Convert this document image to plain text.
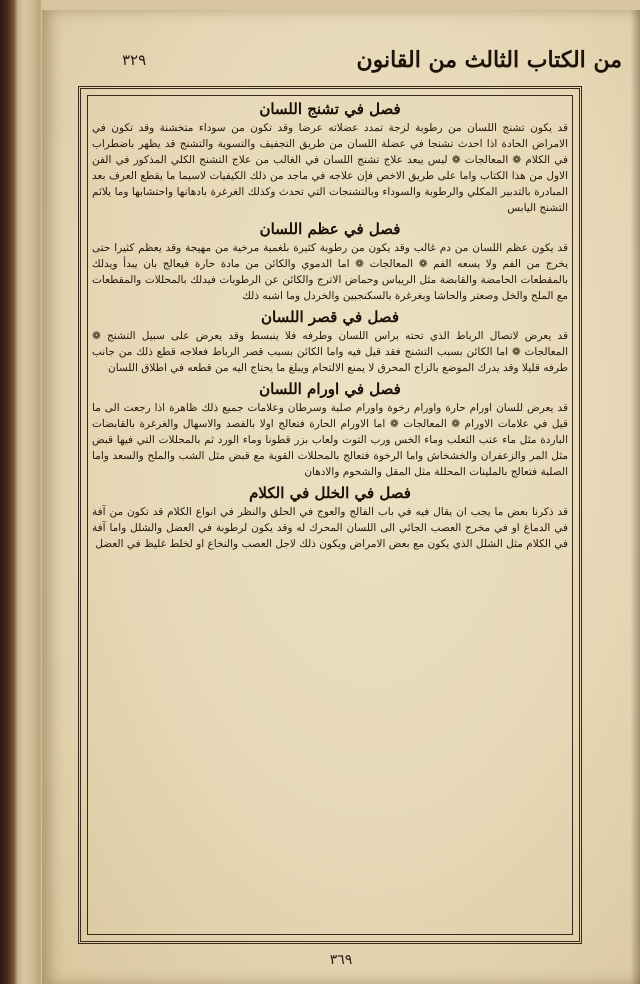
٣٢٩	من الكتاب الثالث من القانون
فصل في تشنج اللسان

قد يكون تشنج اللسان من رطوبة لزجة تمدد عضلاته عرضا وقد تكون من سوداء متخشنة وقد تكون في الامراض الحادة اذا احدث تشنجا في عضلة اللسان من طريق التجفيف والتسوية والتشنج قد يظهر باضطراب في الكلام ❁ المعالجات ❁ ليس يبعد علاج تشنج اللسان في الغالب من علاج التشنج الكلي المذكور في الفن الاول من هذا الكتاب واما على طريق الاخص فإن علاجه في ماجد من ذلك الكيفيات لاسيما ما يقطع العرف بعد المبادرة بالتدبير المكلي والرطوبة والسوداء وبالتشنجات التي تحدث وكذلك الغرغرة بادهانها واحتشابها وما يلائم التشنج اليابس

فصل في عظم اللسان

قد يكون عظم اللسان من دم غالب وقد يكون من رطوبة كثيرة بلغمية مرخية من مهيجة وقد يعظم كثيرا حتى يخرج من الفم ولا يسعه الفم ❁ المعالجات ❁ اما الدموي والكائن من مادة حارة فيعالج بان يبدأ ويدلك بالمقطعات الحامضة والقابضة مثل الريباس وحماض الاترج والكائن عن الرطوبات فيدلك بالمحللات والمقطعات مع الملح والخل وصعتر والحاشا وبغرغرة بالسكنجبين والخردل وما اشبه ذلك

فصل في قصر اللسان

قد يعرض لاتصال الرباط الذي تحته براس اللسان وطرفه فلا ينبسط وقد يعرض على سبيل التشنج ❁ المعالجات ❁ اما الكائن بسبب التشنج فقد قيل فيه واما الكائن بسبب قصر الرباط فعلاجه قطع ذلك من جانب طرفه قليلا وقد يدرك الموضع بالزاج المحرق لا يمنع الالتحام ويبلغ ما يحتاج اليه من قطعه في اطلاق اللسان

فصل في اورام اللسان

قد يعرض للسان اورام حارة واورام رخوة واورام صلبة وسرطان وعلامات جميع ذلك ظاهرة اذا رجعت الى ما قيل في علامات الاورام ❁ المعالجات ❁ اما الاورام الحارة فتعالج اولا بالفصد والاسهال والغرغرة بالقابضات الباردة مثل ماء عنب الثعلب وماء الخس ورب التوت ولعاب بزر قطونا وماء الورد ثم بالمحللات التي فيها قبض مثل المر والزعفران والخشخاش واما الرخوة فتعالج بالمحللات القوية مع قبض مثل الشب والملح والسعد واما الصلبة فتعالج بالملينات المحللة مثل المقل والشحوم والادهان

فصل في الخلل في الكلام

قد ذكرنا بعض ما يجب ان يقال فيه في باب الفالج والعوج في الحلق والنظر في انواع الكلام قد تكون من آفة في الدماغ او في مخرج العصب الجائي الى اللسان المحرك له وقد يكون لرطوبة في العضل والشلل واما آفة في الكلام مثل الشلل الذي يكون مع بعض الامراض ويكون ذلك لاجل العصب والنخاع او لخلط غليظ في العضل

٣٦٩
